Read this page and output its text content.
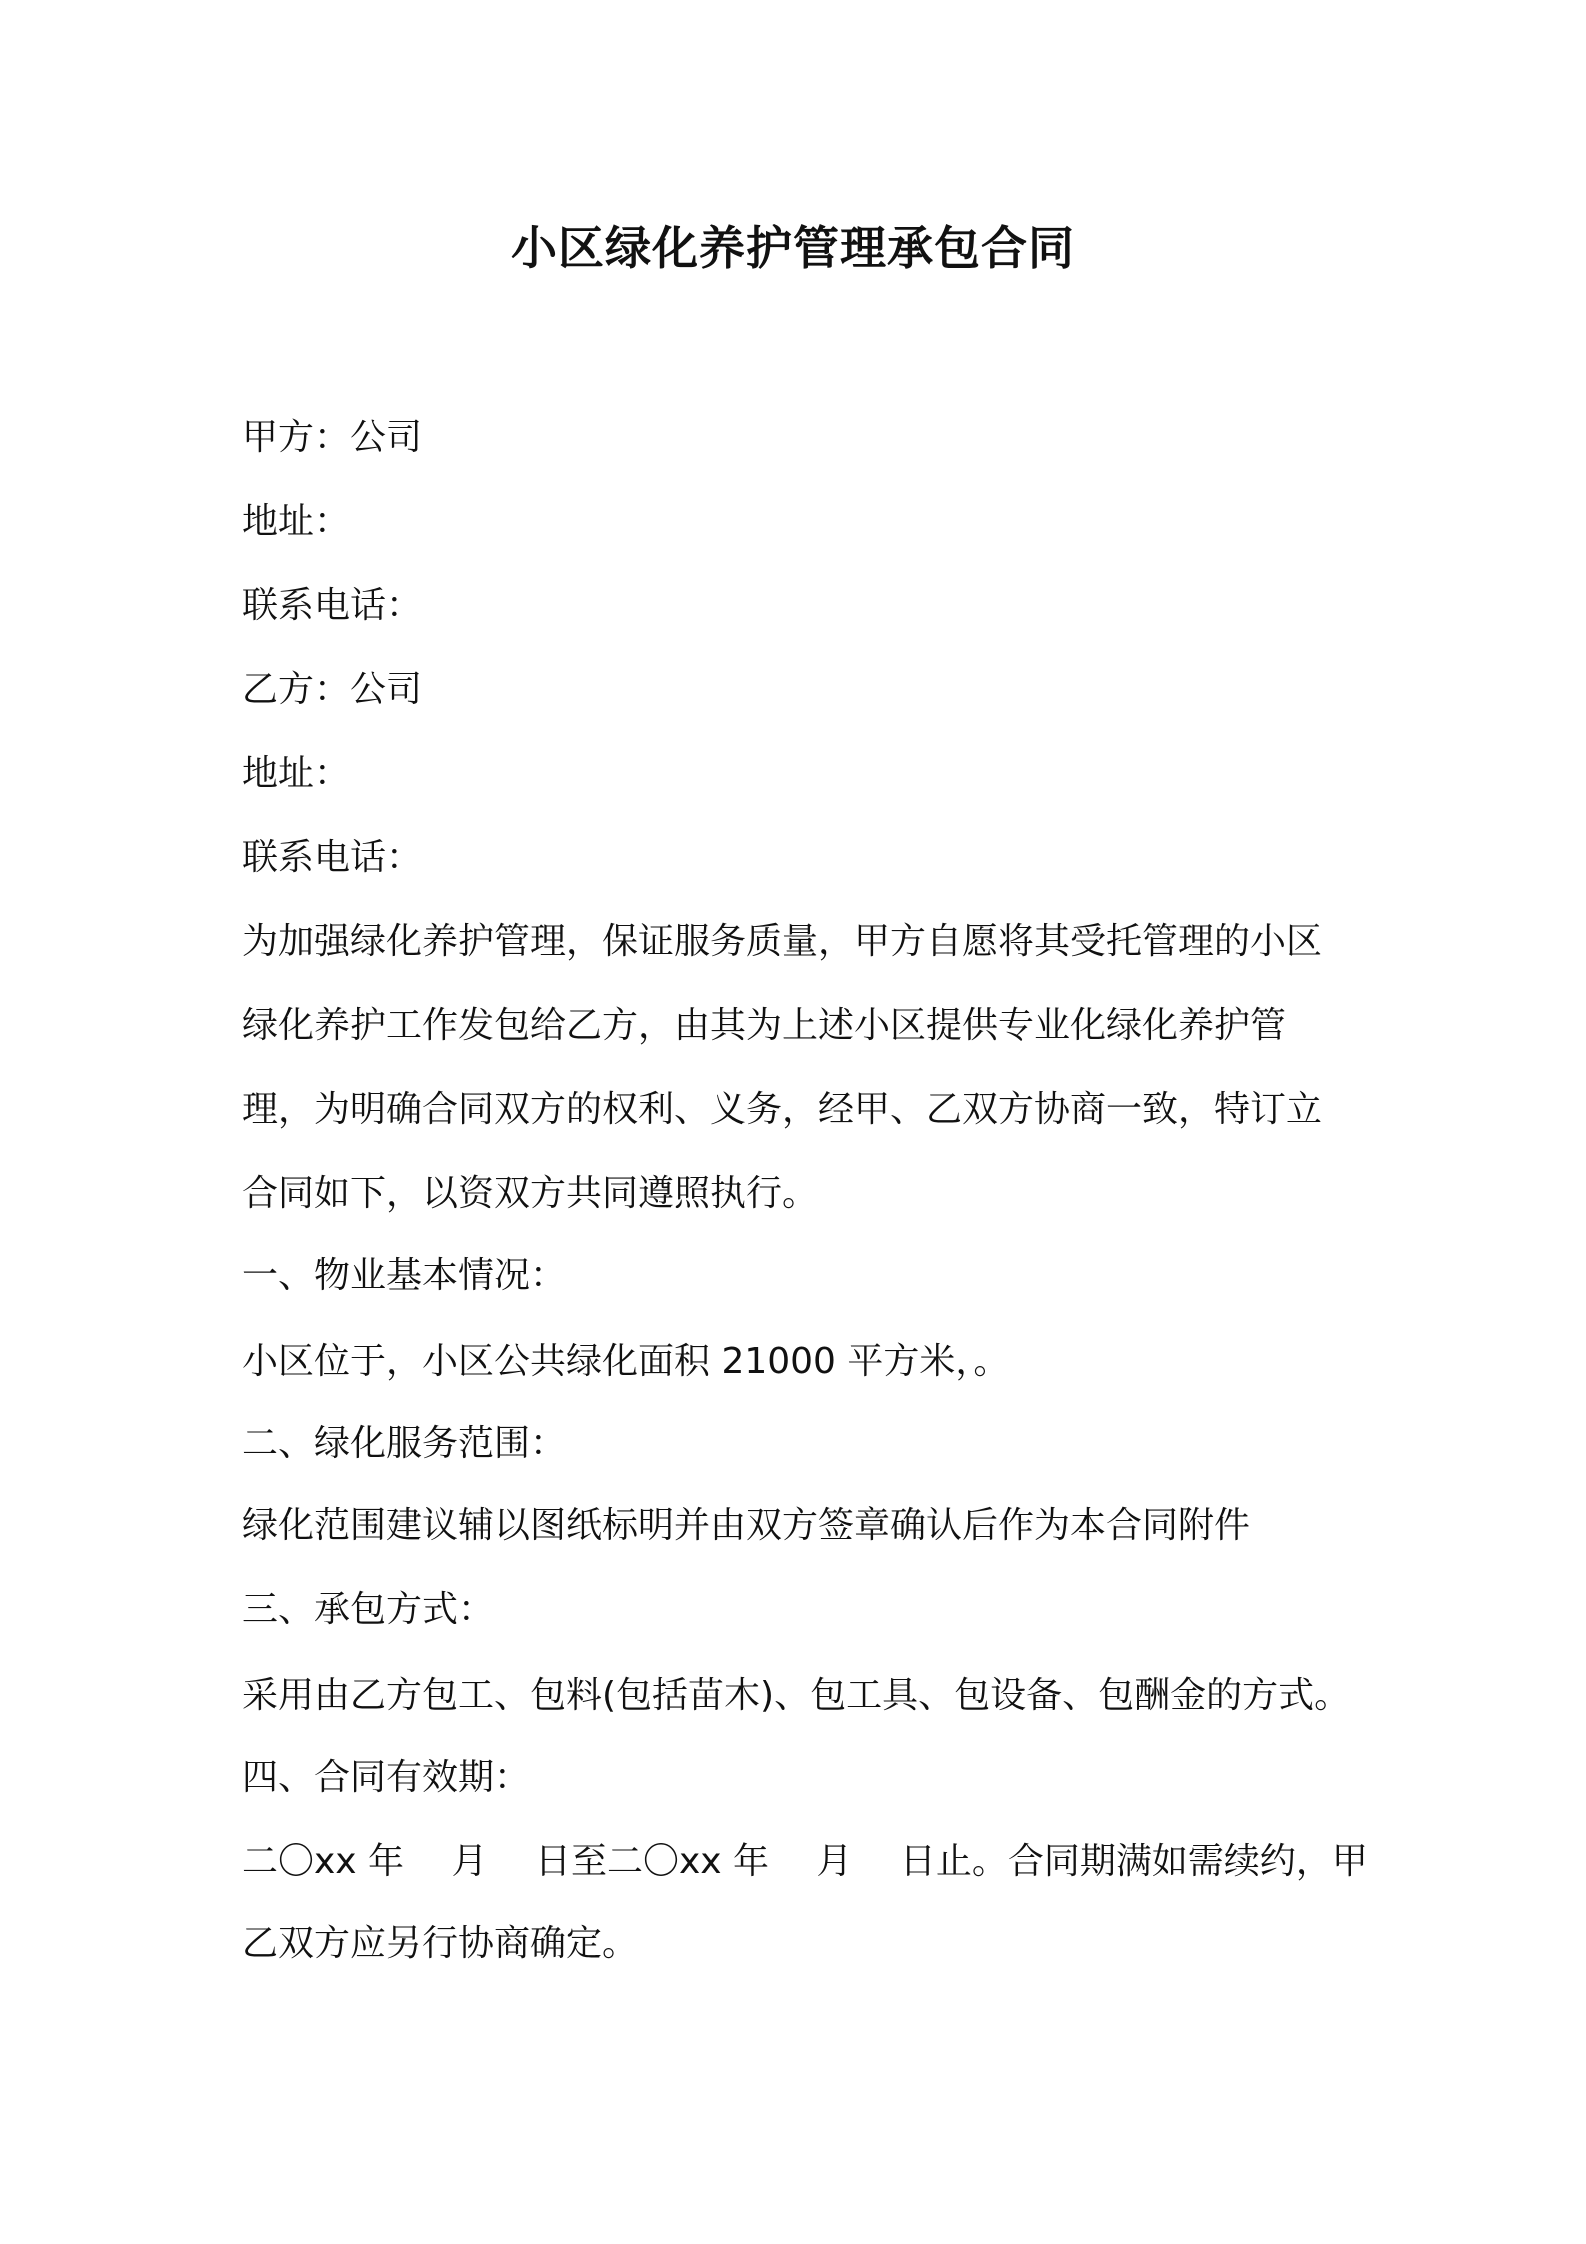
小区绿化养护管理承包合同
甲方：公司
地址：
联系电话：
乙方：公司
地址：
联系电话：
为加强绿化养护管理，保证服务质量，甲方自愿将其受托管理的小区
绿化养护工作发包给乙方，由其为上述小区提供专业化绿化养护管
理，为明确合同双方的权利、义务，经甲、乙双方协商一致，特订立
合同如下，以资双方共同遵照执行。
一、物业基本情况：
小区位于，小区公共绿化面积 21000 平方米，。
二、绿化服务范围：
绿化范围建议辅以图纸标明并由双方签章确认后作为本合同附件
三、承包方式：
采用由乙方包工、包料(包括苗木)、包工具、包设备、包酬金的方式。
四、合同有效期：
二〇xx 年　 月　 日至二〇xx 年　 月　 日止。合同期满如需续约，甲
乙双方应另行协商确定。
